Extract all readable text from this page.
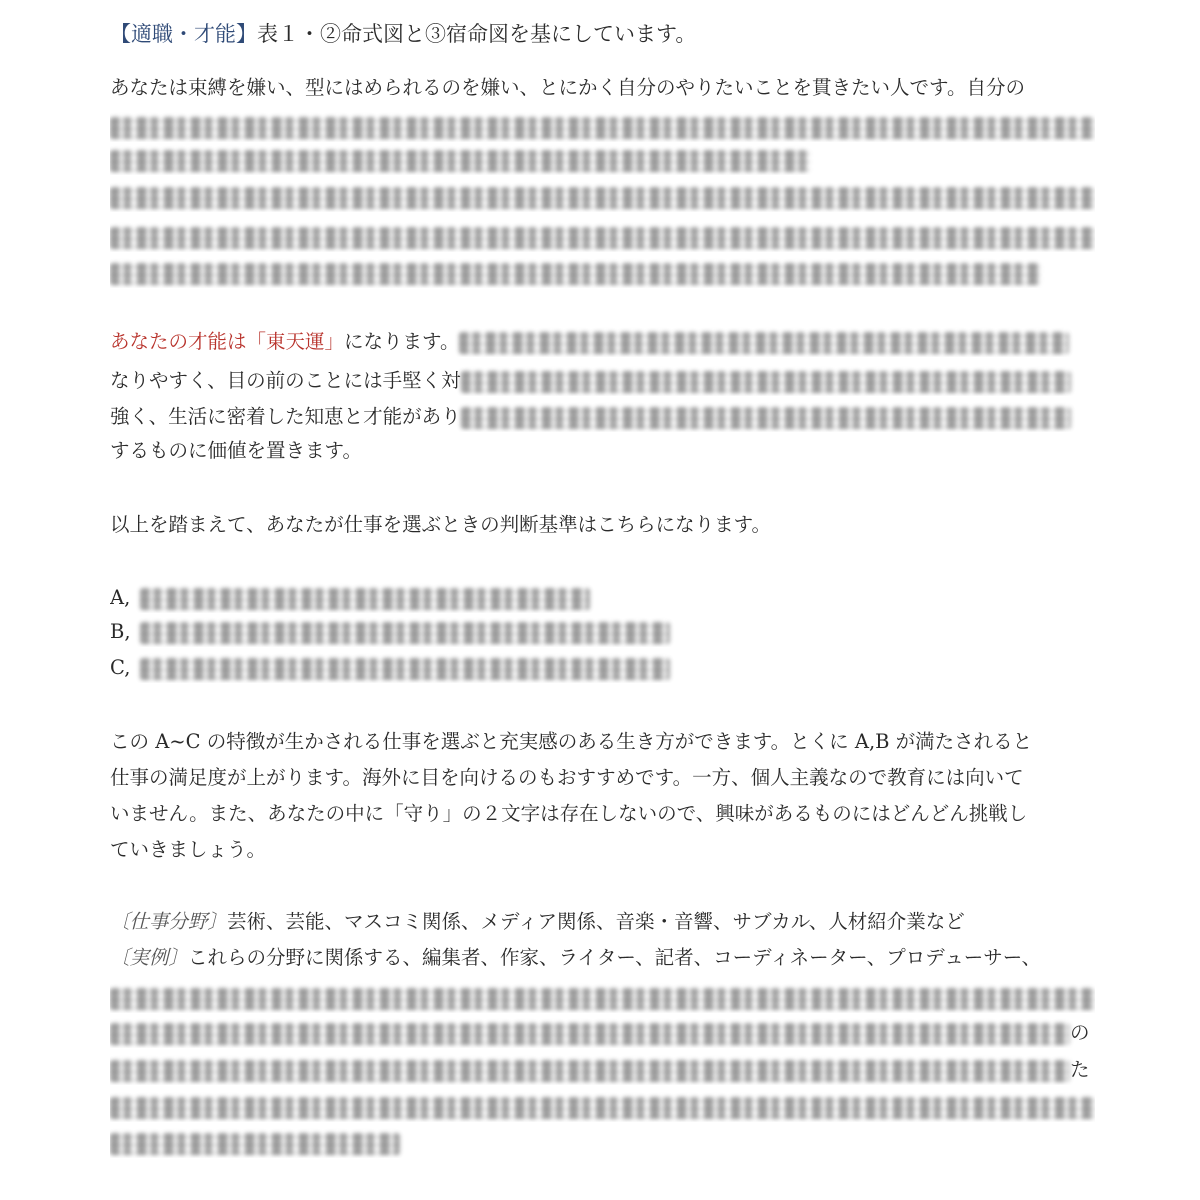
【適職・才能】表１・②命式図と③宿命図を基にしています。
あなたは束縛を嫌い、型にはめられるのを嫌い、とにかく自分のやりたいことを貫きたい人です。自分の
あなたの才能は「東天運」になります。
なりやすく、目の前のことには手堅く対
強く、生活に密着した知恵と才能があり
するものに価値を置きます。
以上を踏まえて、あなたが仕事を選ぶときの判断基準はこちらになります。
A,
B,
C,
この A~C の特徴が生かされる仕事を選ぶと充実感のある生き方ができます。とくに A,B が満たされると
仕事の満足度が上がります。海外に目を向けるのもおすすめです。一方、個人主義なので教育には向いて
いません。また、あなたの中に「守り」の２文字は存在しないので、興味があるものにはどんどん挑戦し
ていきましょう。
〔仕事分野〕芸術、芸能、マスコミ関係、メディア関係、音楽・音響、サブカル、人材紹介業など
〔実例〕これらの分野に関係する、編集者、作家、ライター、記者、コーディネーター、プロデューサー、
の
た
